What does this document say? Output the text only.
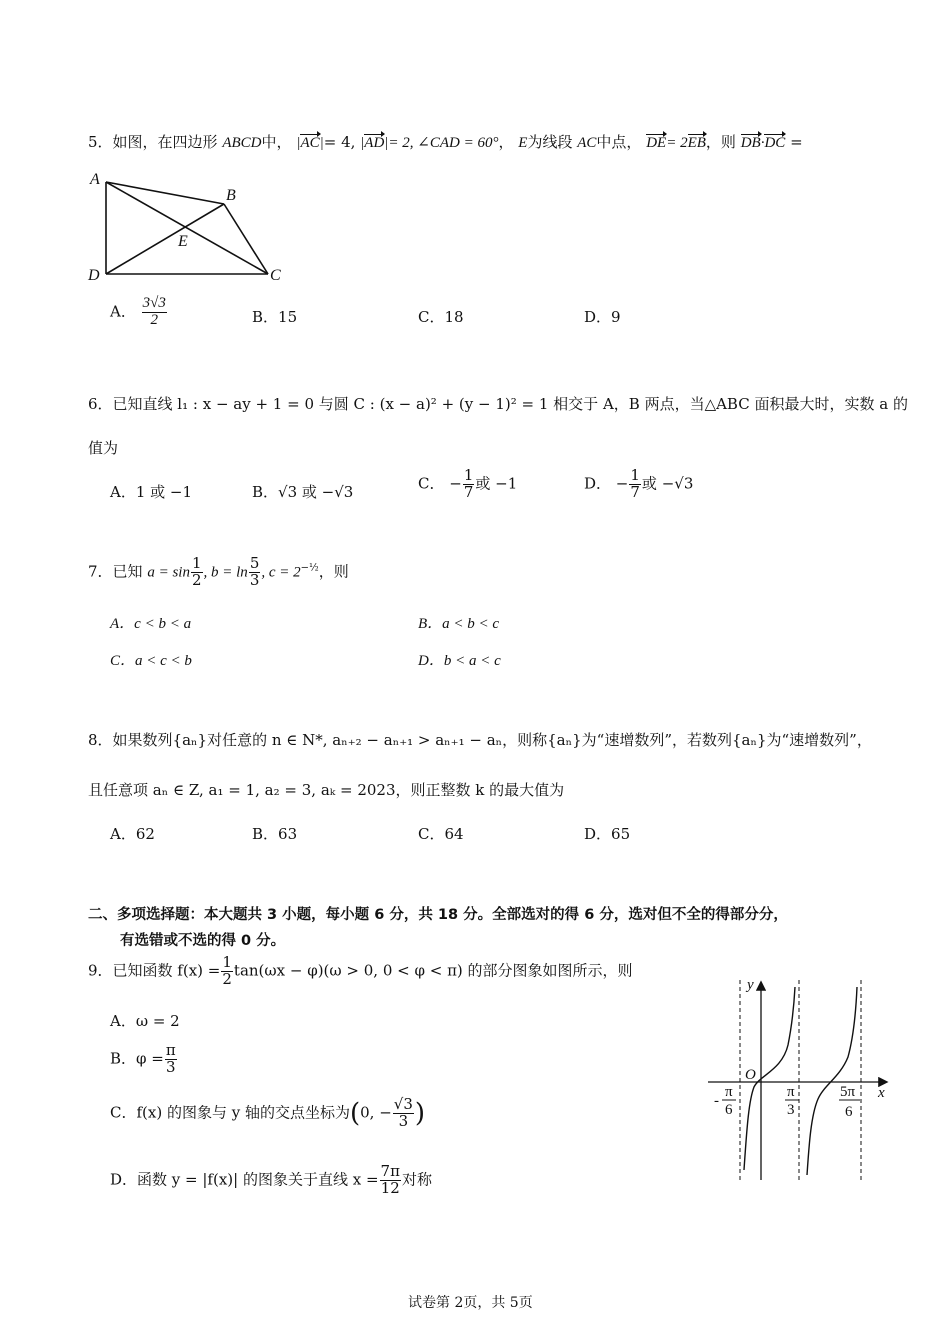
5．如图，在四边形 ABCD中， |AC|= 4, |AD|= 2, ∠CAD = 60°， E为线段 AC中点， DE= 2EB，则 DB·DC =
A
B
E
D	C
A． $\frac{3√3}{2}$	B．15	C．18	D．9
6．已知直线 l₁ : x − ay + 1 = 0 与圆 C : (x − a)² + (y − 1)² = 1 相交于 A，B 两点，当△ABC 面积最大时，实数 a 的
值为
A．1 或 −1	B．√3 或 −√3	C． − $\frac{1}{7}$ 或 −1	D． − $\frac{1}{7}$ 或 −√3
7．已知 $a = \sin \frac{1}{2}$ , $b = \ln \frac{5}{3}$ , $c = 2^{-\frac{1}{2}}$，则
A．c < b < a	B．a < b < c
C．a < c < b	D．b < a < c
8．如果数列{aₙ}对任意的 n ∈ N*, aₙ₊₂ − aₙ₊₁ > aₙ₊₁ − aₙ，则称{aₙ}为“速增数列”，若数列{aₙ}为“速增数列”，
且任意项 aₙ ∈ Z, a₁ = 1, a₂ = 3, aₖ = 2023，则正整数 k 的最大值为
A．62	B．63	C．64	D．65
二、多项选择题：本大题共 3 小题，每小题 6 分，共 18 分。全部选对的得 6 分，选对但不全的得部分分，
有选错或不选的得 0 分。
9．已知函数 $f(x) = \frac{1}{2} \tan(\omega x - \varphi)(\omega > 0$, 0 < φ < π) 的部分图象如图所示，则
A．ω = 2
B．$\varphi = \frac{\pi}{3}$
C．f(x) 的图象与 y 轴的交点坐标为(0, − $\frac{√3}{3}$ )
D．函数 y = |f(x)| 的图象关于直线 $x = \frac{7\pi}{12}$ 对称
y
x
O
-
π
6
π
3
5π
6
试卷第 2页，共 5页
